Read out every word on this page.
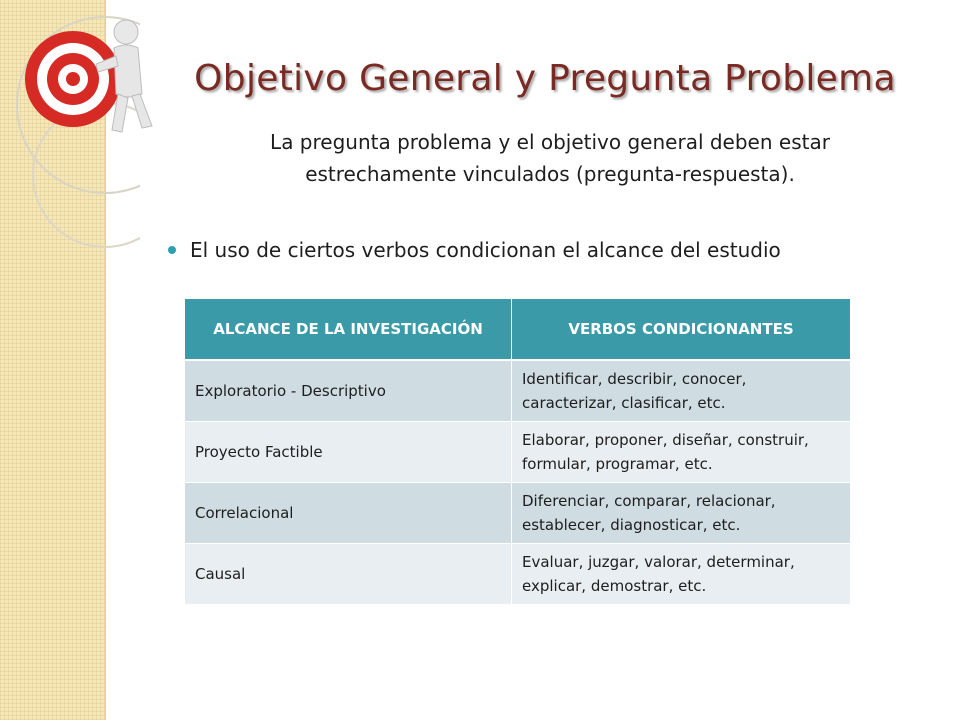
Objetivo General y Pregunta Problema
La pregunta problema y el objetivo general deben estar estrechamente vinculados (pregunta-respuesta).
El uso de ciertos verbos condicionan el alcance del estudio
ALCANCE DE LA INVESTIGACIÓN	VERBOS CONDICIONANTES
Exploratorio - Descriptivo	Identificar, describir, conocer, caracterizar, clasificar, etc.
Proyecto Factible	Elaborar, proponer, diseñar, construir, formular, programar, etc.
Correlacional	Diferenciar, comparar, relacionar, establecer, diagnosticar, etc.
Causal	Evaluar, juzgar, valorar, determinar, explicar, demostrar, etc.
